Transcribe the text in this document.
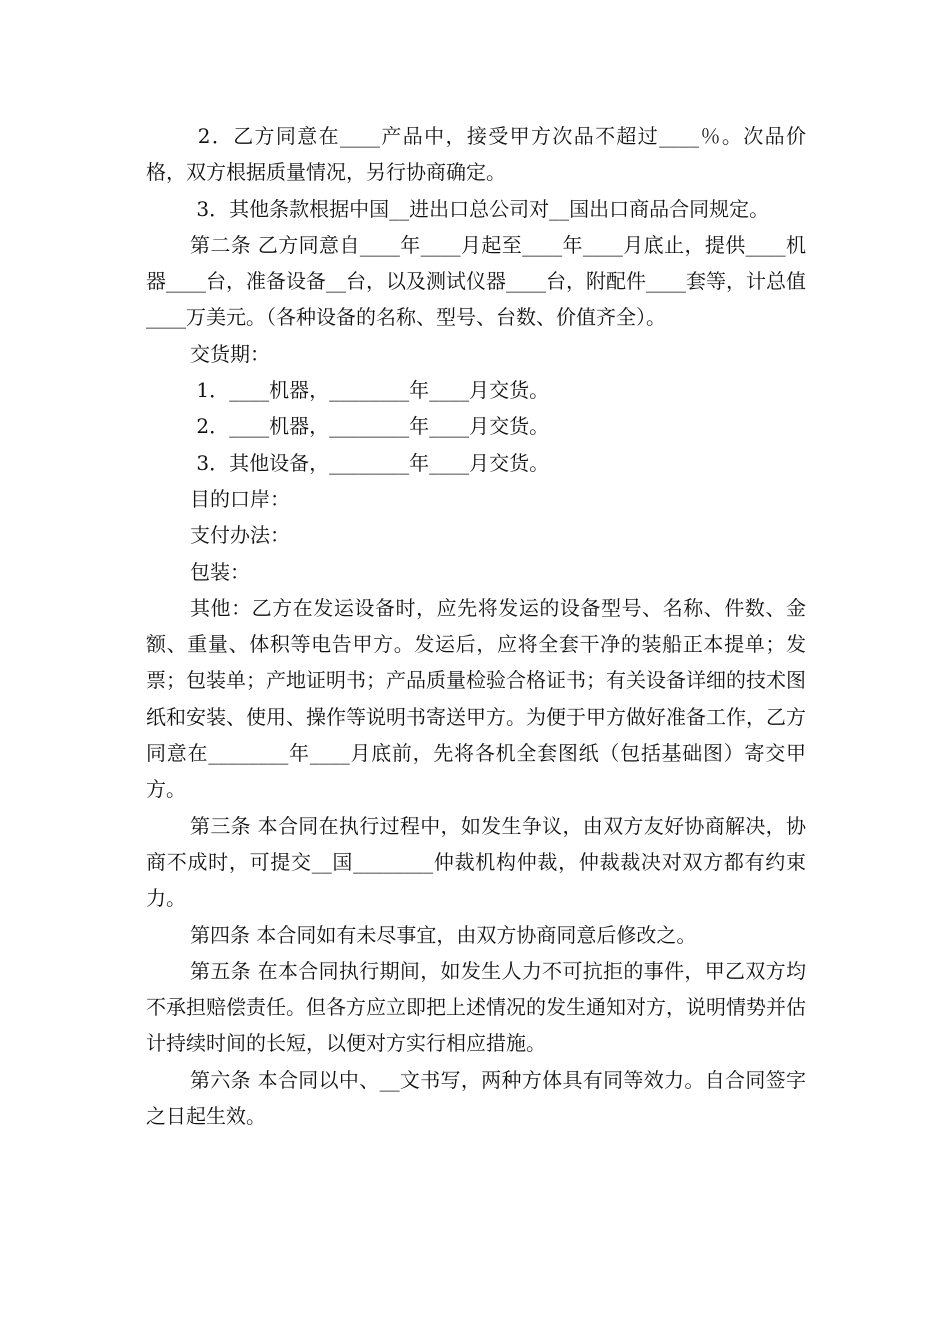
2．乙方同意在____产品中，接受甲方次品不超过____％。次品价格，双方根据质量情况，另行协商确定。

3．其他条款根据中国__进出口总公司对__国出口商品合同规定。

第二条 乙方同意自____年____月起至____年____月底止，提供____机器____台，准备设备__台，以及测试仪器____台，附配件____套等，计总值____万美元。（各种设备的名称、型号、台数、价值齐全）。

交货期：

1．____机器，________年____月交货。

2．____机器，________年____月交货。

3．其他设备，________年____月交货。

目的口岸：

支付办法：

包装：

其他：乙方在发运设备时，应先将发运的设备型号、名称、件数、金额、重量、体积等电告甲方。发运后，应将全套干净的装船正本提单；发票；包装单；产地证明书；产品质量检验合格证书；有关设备详细的技术图纸和安装、使用、操作等说明书寄送甲方。为便于甲方做好准备工作，乙方同意在________年____月底前，先将各机全套图纸（包括基础图）寄交甲方。

第三条 本合同在执行过程中，如发生争议，由双方友好协商解决，协商不成时，可提交__国________仲裁机构仲裁，仲裁裁决对双方都有约束力。

第四条 本合同如有未尽事宜，由双方协商同意后修改之。

第五条 在本合同执行期间，如发生人力不可抗拒的事件，甲乙双方均不承担赔偿责任。但各方应立即把上述情况的发生通知对方，说明情势并估计持续时间的长短，以便对方实行相应措施。

第六条 本合同以中、__文书写，两种方体具有同等效力。自合同签字之日起生效。
